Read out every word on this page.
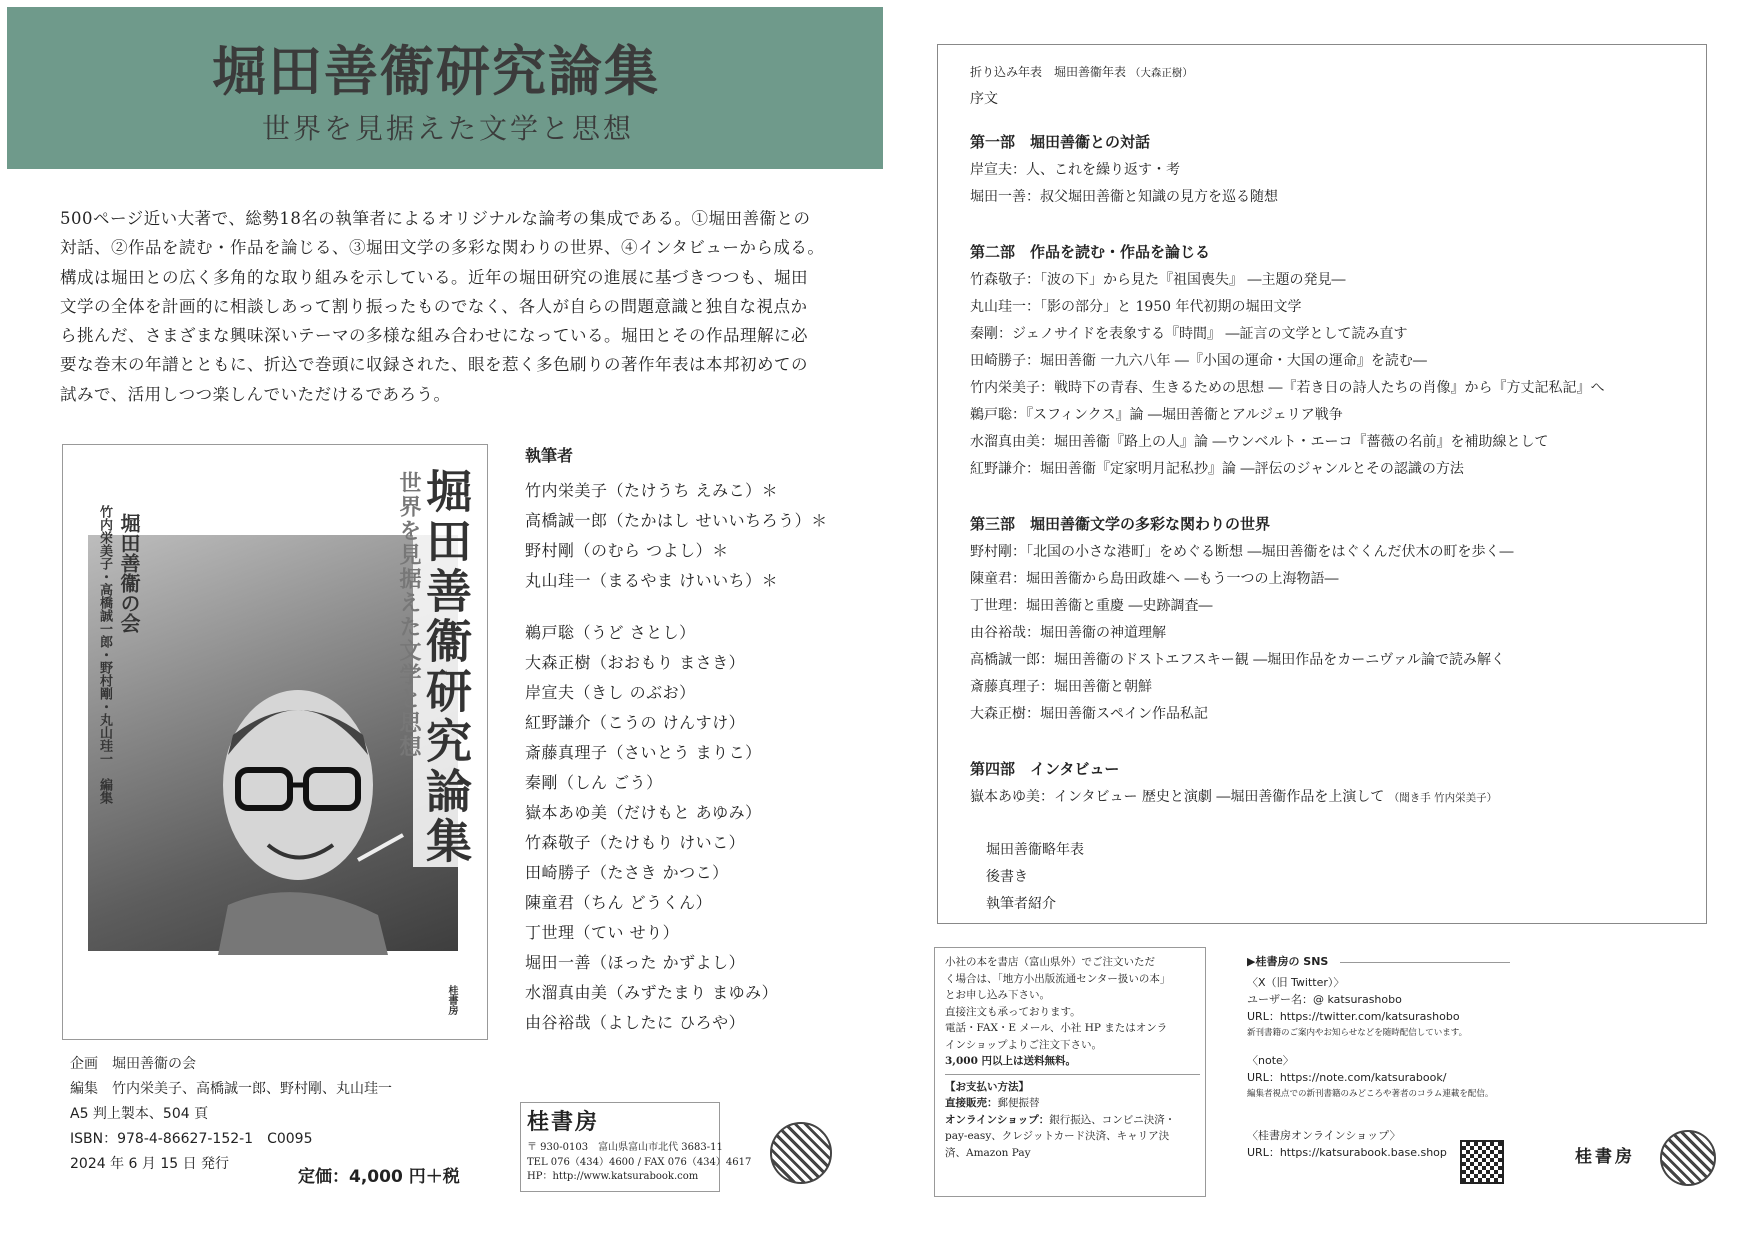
堀田善衞研究論集
世界を見据えた文学と思想

500ページ近い大著で、総勢18名の執筆者によるオリジナルな論考の集成である。①堀田善衞との

対話、②作品を読む・作品を論じる、③堀田文学の多彩な関わりの世界、④インタビューから成る。

構成は堀田との広く多角的な取り組みを示している。近年の堀田研究の進展に基づきつつも、堀田

文学の全体を計画的に相談しあって割り振ったものでなく、各人が自らの問題意識と独自な視点か

ら挑んだ、さまざまな興味深いテーマの多様な組み合わせになっている。堀田とその作品理解に必

要な巻末の年譜とともに、折込で巻頭に収録された、眼を惹く多色刷りの著作年表は本邦初めての

試みで、活用しつつ楽しんでいただけるであろう。

堀田善衞研究論集
世界を見据えた文学と思想
竹内栄美子・高橋誠一郎・野村剛・丸山珪一　編集 堀田善衞の会
桂書房
執筆者
竹内栄美子（たけうち えみこ）＊
高橋誠一郎（たかはし せいいちろう）＊
野村剛（のむら つよし）＊
丸山珪一（まるやま けいいち）＊
鵜戸聡（うど さとし）
大森正樹（おおもり まさき）
岸宣夫（きし のぶお）
紅野謙介（こうの けんすけ）
斎藤真理子（さいとう まりこ）
秦剛（しん ごう）
嶽本あゆ美（だけもと あゆみ）
竹森敬子（たけもり けいこ）
田崎勝子（たさき かつこ）
陳童君（ちん どうくん）
丁世理（てい せり）
堀田一善（ほった かずよし）
水溜真由美（みずたまり まゆみ）
由谷裕哉（よしたに ひろや）
企画　堀田善衞の会
編集　竹内栄美子、高橋誠一郎、野村剛、丸山珪一
A5 判上製本、504 頁
ISBN：978-4-86627-152-1　C0095
2024 年 6 月 15 日 発行
定価：4,000 円＋税
桂書房
〒 930-0103　富山県富山市北代 3683-11
TEL 076（434）4600 / FAX 076（434）4617
HP：http://www.katsurabook.com
折り込み年表　堀田善衞年表 （大森正樹）
序文
第一部　堀田善衞との対話
岸宣夫：人、これを繰り返す・考
堀田一善：叔父堀田善衞と知識の見方を巡る随想
第二部　作品を読む・作品を論じる
竹森敬子：「波の下」から見た『祖国喪失』 ―主題の発見―
丸山珪一：「影の部分」と 1950 年代初期の堀田文学
秦剛：ジェノサイドを表象する『時間』 ―証言の文学として読み直す
田崎勝子：堀田善衞 一九六八年 ―『小国の運命・大国の運命』を読む―
竹内栄美子：戦時下の青春、生きるための思想 ―『若き日の詩人たちの肖像』から『方丈記私記』へ
鵜戸聡：『スフィンクス』論 ―堀田善衞とアルジェリア戦争
水溜真由美：堀田善衞『路上の人』論 ―ウンベルト・エーコ『薔薇の名前』を補助線として
紅野謙介：堀田善衞『定家明月記私抄』論 ―評伝のジャンルとその認識の方法
第三部　堀田善衞文学の多彩な関わりの世界
野村剛：「北国の小さな港町」をめぐる断想 ―堀田善衞をはぐくんだ伏木の町を歩く―
陳童君：堀田善衞から島田政雄へ ―もう一つの上海物語―
丁世理：堀田善衞と重慶 ―史跡調査―
由谷裕哉：堀田善衞の神道理解
高橋誠一郎：堀田善衞のドストエフスキー観 ―堀田作品をカーニヴァル論で読み解く
斎藤真理子：堀田善衞と朝鮮
大森正樹：堀田善衞スペイン作品私記
第四部　インタビュー
嶽本あゆ美：インタビュー 歴史と演劇 ―堀田善衞作品を上演して （聞き手 竹内栄美子）
堀田善衞略年表
後書き
執筆者紹介
小社の本を書店（富山県外）でご注文いただ
く場合は、「地方小出版流通センター扱いの本」
とお申し込み下さい。
直接注文も承っております。
電話・FAX・E メール、小社 HP またはオンラ
インショップよりご注文下さい。
3,000 円以上は送料無料。
【お支払い方法】
直接販売：郵便振替
オンラインショップ：銀行振込、コンビニ決済・
pay-easy、クレジットカード決済、キャリア決
済、Amazon Pay
▶桂書房の SNS
〈X（旧 Twitter）〉
ユーザー名：@ katsurashobo
URL：https://twitter.com/katsurashobo
新刊書籍のご案内やお知らせなどを随時配信しています。
〈note〉
URL：https://note.com/katsurabook/
編集者視点での新刊書籍のみどころや著者のコラム連載を配信。
〈桂書房オンラインショップ〉
URL：https://katsurabook.base.shop	桂書房
